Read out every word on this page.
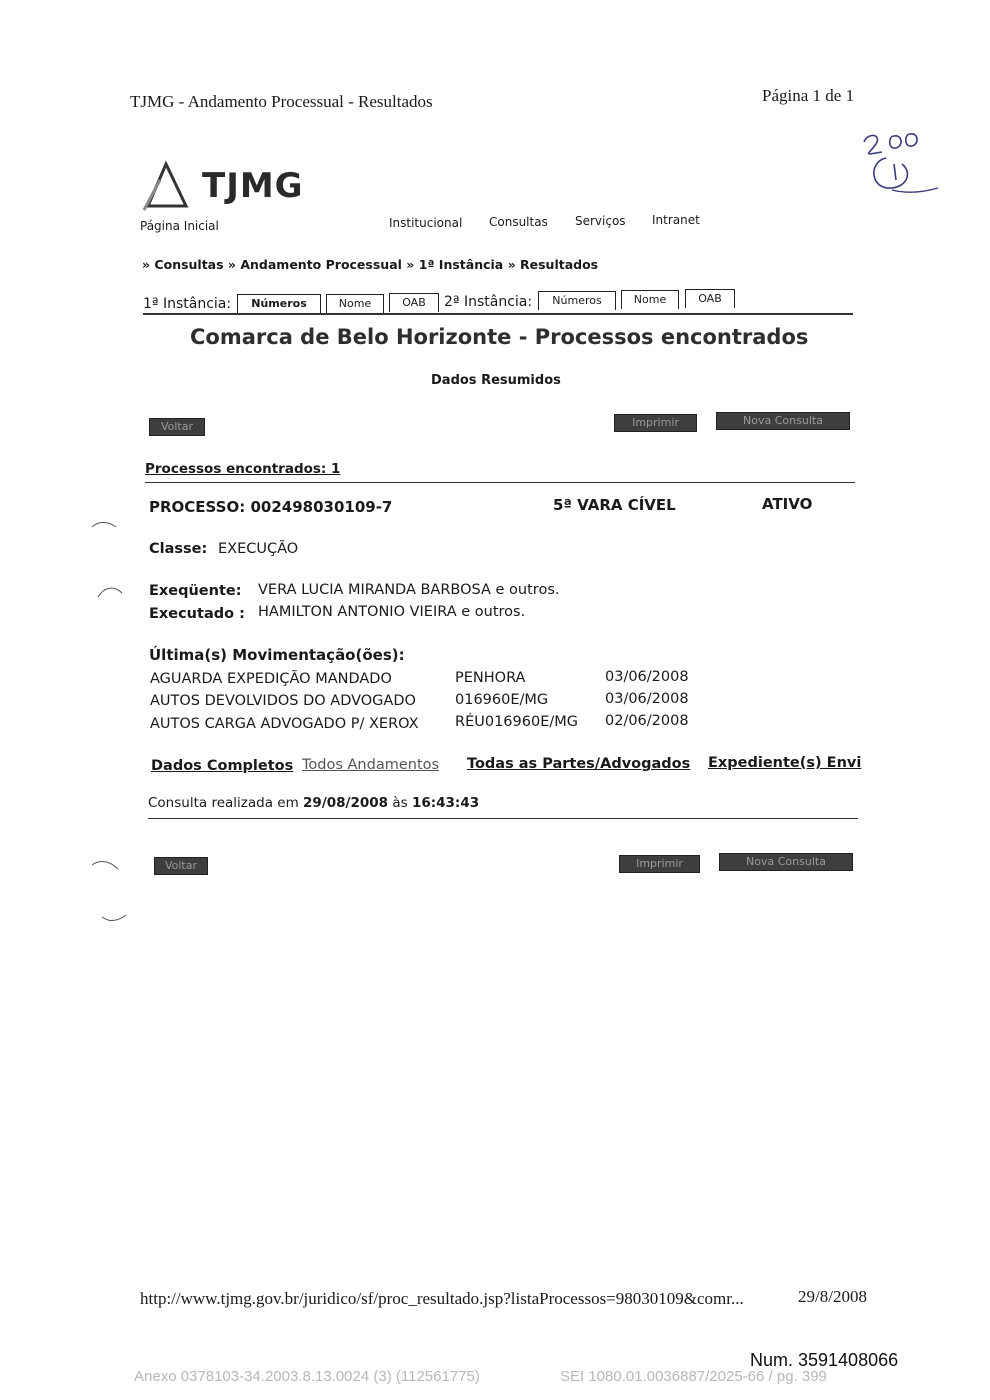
TJMG - Andamento Processual - Resultados	Página 1 de 1
TJMG
Página Inicial	Institucional Consultas Serviços Intranet
» Consultas » Andamento Processual » 1ª Instância » Resultados
1ª Instância:	Números	Nome	OAB	2ª Instância:	Números	Nome	OAB
Comarca de Belo Horizonte - Processos encontrados
Dados Resumidos
Voltar	Imprimir	Nova Consulta
Processos encontrados: 1
PROCESSO: 002498030109-7	5ª VARA CÍVEL	ATIVO
Classe: EXECUÇÃO
Exeqüente: VERA LUCIA MIRANDA BARBOSA e outros.
Executado : HAMILTON ANTONIO VIEIRA e outros.
Última(s) Movimentação(ões):
AGUARDA EXPEDIÇÃO MANDADO	PENHORA	03/06/2008
AUTOS DEVOLVIDOS DO ADVOGADO	016960E/MG	03/06/2008
AUTOS CARGA ADVOGADO P/ XEROX	RÉU016960E/MG 02/06/2008
Dados Completos Todos Andamentos Todas as Partes/Advogados Expediente(s) Envi
Consulta realizada em 29/08/2008 às 16:43:43
Voltar	Imprimir	Nova Consulta
http://www.tjmg.gov.br/juridico/sf/proc_resultado.jsp?listaProcessos=98030109&comr...	29/8/2008
Num. 3591408066
Anexo 0378103-34.2003.8.13.0024 (3) (112561775)	SEI 1080.01.0036887/2025-66 / pg. 399
